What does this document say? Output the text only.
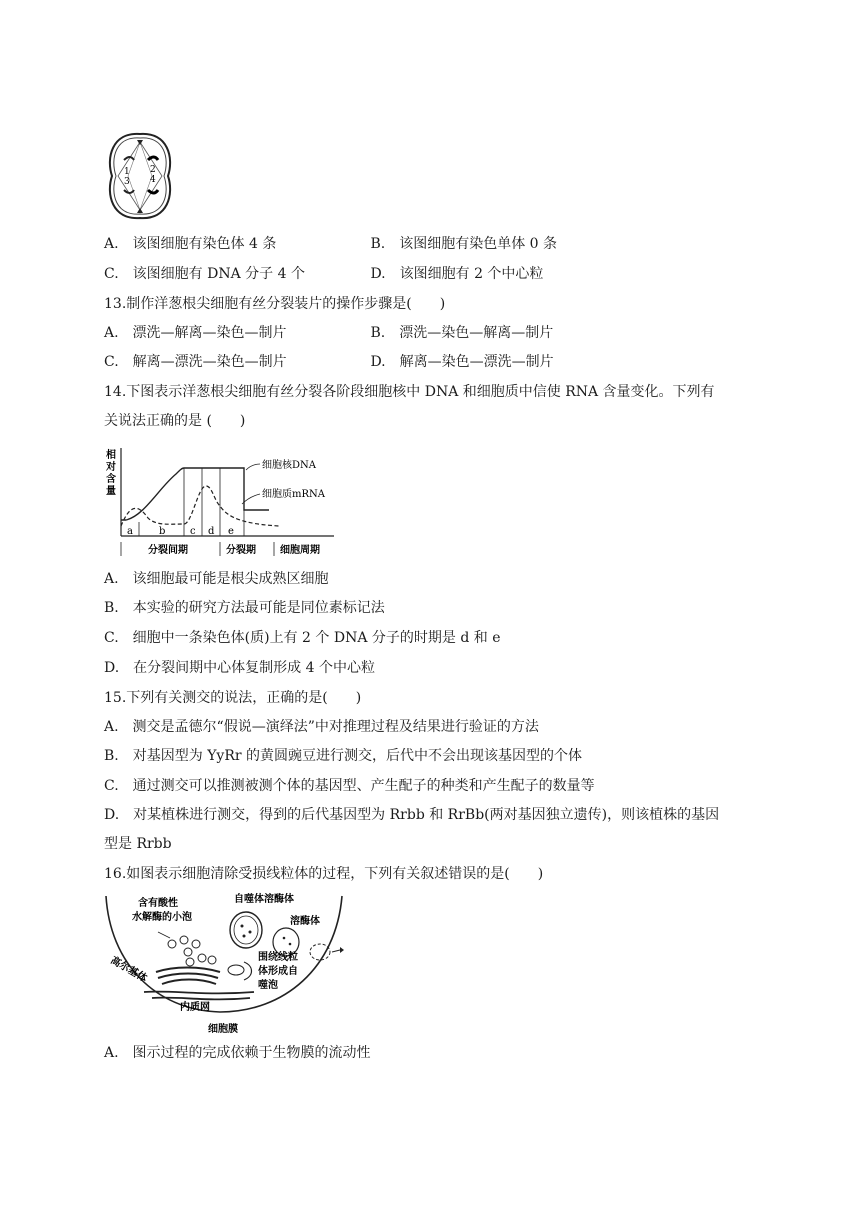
1 2
3 4
A.　该图细胞有染色体 4 条	B.　该图细胞有染色单体 0 条
C.　该图细胞有 DNA 分子 4 个	D.　该图细胞有 2 个中心粒
13.制作洋葱根尖细胞有丝分裂装片的操作步骤是(　　)
A.　漂洗—解离—染色—制片	B.　漂洗—染色—解离—制片
C.　解离—漂洗—染色—制片	D.　解离—染色—漂洗—制片
14.下图表示洋葱根尖细胞有丝分裂各阶段细胞核中 DNA 和细胞质中信使 RNA 含量变化。下列有
关说法正确的是 (　　)
相
对
含
量
细胞核DNA
细胞质mRNA
a	b c d e
分裂间期	分裂期 细胞周期
A.　该细胞最可能是根尖成熟区细胞
B.　本实验的研究方法最可能是同位素标记法
C.　细胞中一条染色体(质)上有 2 个 DNA 分子的时期是 d 和 e
D.　在分裂间期中心体复制形成 4 个中心粒
15.下列有关测交的说法，正确的是(　　)
A.　测交是孟德尔“假说—演绎法”中对推理过程及结果进行验证的方法
B.　对基因型为 YyRr 的黄圆豌豆进行测交，后代中不会出现该基因型的个体
C.　通过测交可以推测被测个体的基因型、产生配子的种类和产生配子的数量等
D.　对某植株进行测交，得到的后代基因型为 Rrbb 和 RrBb(两对基因独立遗传)，则该植株的基因
型是 Rrbb
16.如图表示细胞清除受损线粒体的过程，下列有关叙述错误的是(　　)
含有酸性
水解酶的小泡
自噬体溶酶体
溶酶体
高尔基体	围绕线粒
体形成自
噬泡
内质网
细胞膜
A.　图示过程的完成依赖于生物膜的流动性
